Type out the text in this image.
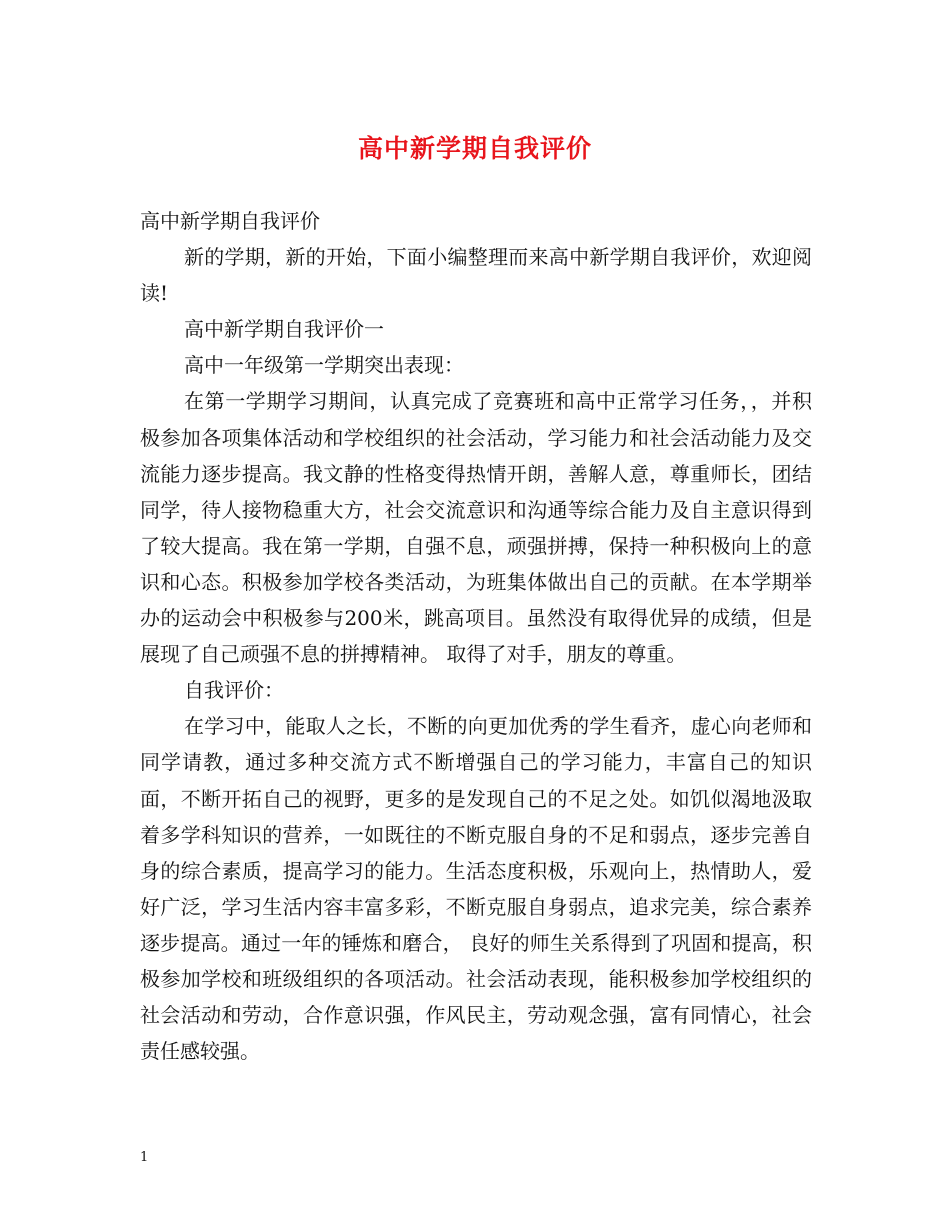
高中新学期自我评价

高中新学期自我评价

新的学期，新的开始，下面小编整理而来高中新学期自我评价，欢迎阅读!

高中新学期自我评价一

高中一年级第一学期突出表现：

在第一学期学习期间，认真完成了竞赛班和高中正常学习任务，，并积极参加各项集体活动和学校组织的社会活动，学习能力和社会活动能力及交流能力逐步提高。我文静的性格变得热情开朗，善解人意，尊重师长，团结同学，待人接物稳重大方，社会交流意识和沟通等综合能力及自主意识得到了较大提高。我在第一学期，自强不息，顽强拼搏，保持一种积极向上的意识和心态。积极参加学校各类活动，为班集体做出自己的贡献。在本学期举办的运动会中积极参与200米，跳高项目。虽然没有取得优异的成绩，但是展现了自己顽强不息的拼搏精神。 取得了对手，朋友的尊重。

自我评价：

在学习中，能取人之长，不断的向更加优秀的学生看齐，虚心向老师和同学请教，通过多种交流方式不断增强自己的学习能力，丰富自己的知识面，不断开拓自己的视野，更多的是发现自己的不足之处。如饥似渴地汲取着多学科知识的营养，一如既往的不断克服自身的不足和弱点，逐步完善自身的综合素质，提高学习的能力。生活态度积极，乐观向上，热情助人，爱好广泛，学习生活内容丰富多彩，不断克服自身弱点，追求完美，综合素养逐步提高。通过一年的锤炼和磨合， 良好的师生关系得到了巩固和提高，积极参加学校和班级组织的各项活动。社会活动表现，能积极参加学校组织的社会活动和劳动，合作意识强，作风民主，劳动观念强，富有同情心，社会责任感较强。

1
